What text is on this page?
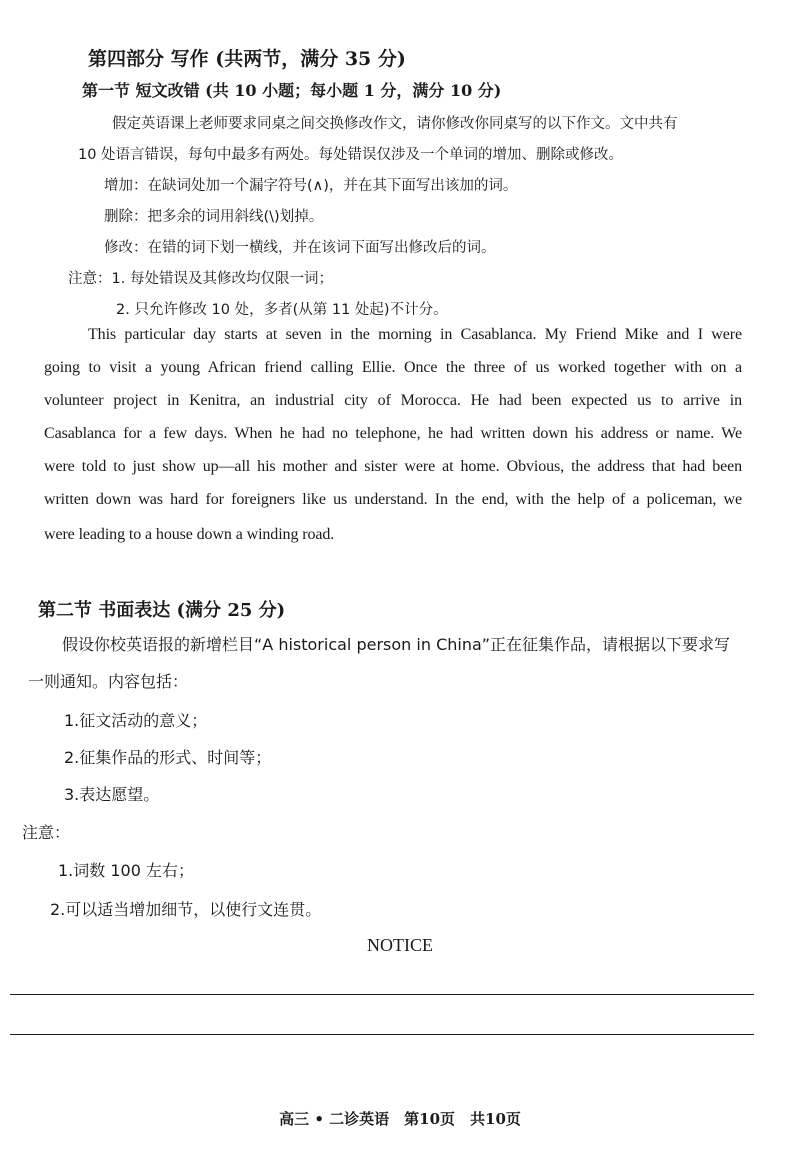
第四部分 写作 (共两节，满分 35 分)
第一节 短文改错 (共 10 小题；每小题 1 分，满分 10 分)
假定英语课上老师要求同桌之间交换修改作文，请你修改你同桌写的以下作文。文中共有
10 处语言错误，每句中最多有两处。每处错误仅涉及一个单词的增加、删除或修改。
增加：在缺词处加一个漏字符号(∧)，并在其下面写出该加的词。
删除：把多余的词用斜线(\)划掉。
修改：在错的词下划一横线，并在该词下面写出修改后的词。
注意：1. 每处错误及其修改均仅限一词；
2. 只允许修改 10 处，多者(从第 11 处起)不计分。
This particular day starts at seven in the morning in Casablanca. My Friend Mike and I were
going to visit a young African friend calling Ellie. Once the three of us worked together with on a
volunteer project in Kenitra, an industrial city of Morocca. He had been expected us to arrive in
Casablanca for a few days. When he had no telephone, he had written down his address or name. We
were told to just show up—all his mother and sister were at home. Obvious, the address that had been
written down was hard for foreigners like us understand. In the end, with the help of a policeman, we
were leading to a house down a winding road.
第二节 书面表达 (满分 25 分)
假设你校英语报的新增栏目“A historical person in China”正在征集作品，请根据以下要求写
一则通知。内容包括：
1.征文活动的意义；
2.征集作品的形式、时间等；
3.表达愿望。
注意：
1.词数 100 左右；
2.可以适当增加细节，以使行文连贯。
NOTICE
高三 • 二诊英语　第10页　共10页
